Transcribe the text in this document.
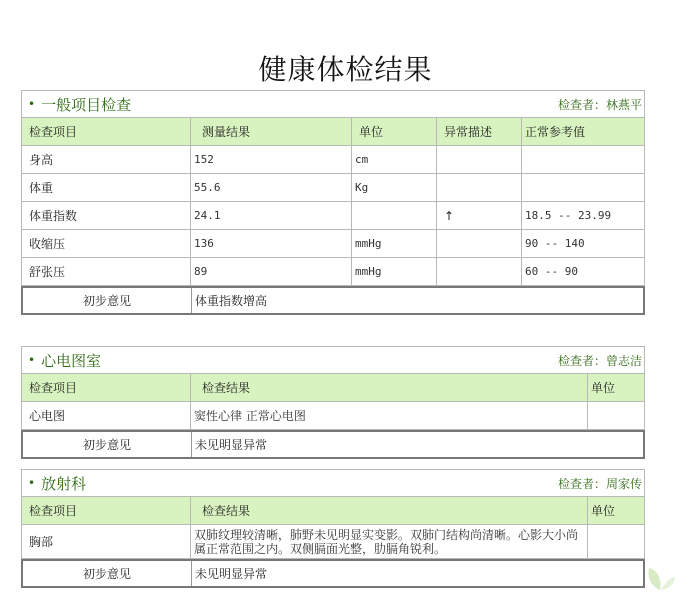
健康体检结果
• 一般项目检查	检查者：林燕平
检查项目	测量结果	单位	异常描述	正常参考值
身高	152	cm		
体重	55.6	Kg		
体重指数	24.1		↑	18.5 -- 23.99
收缩压	136	mmHg		90 -- 140
舒张压	89	mmHg		60 -- 90
初步意见	体重指数增高
• 心电图室	检查者：曾志洁
检查项目	检查结果	单位
心电图	窦性心律 正常心电图	
初步意见	未见明显异常
• 放射科	检查者：周家传
检查项目	检查结果	单位
胸部	双肺纹理较清晰，肺野未见明显实变影。双肺门结构尚清晰。心影大小尚属正常范围之内。双侧膈面光整，肋膈角锐利。	
初步意见	未见明显异常
